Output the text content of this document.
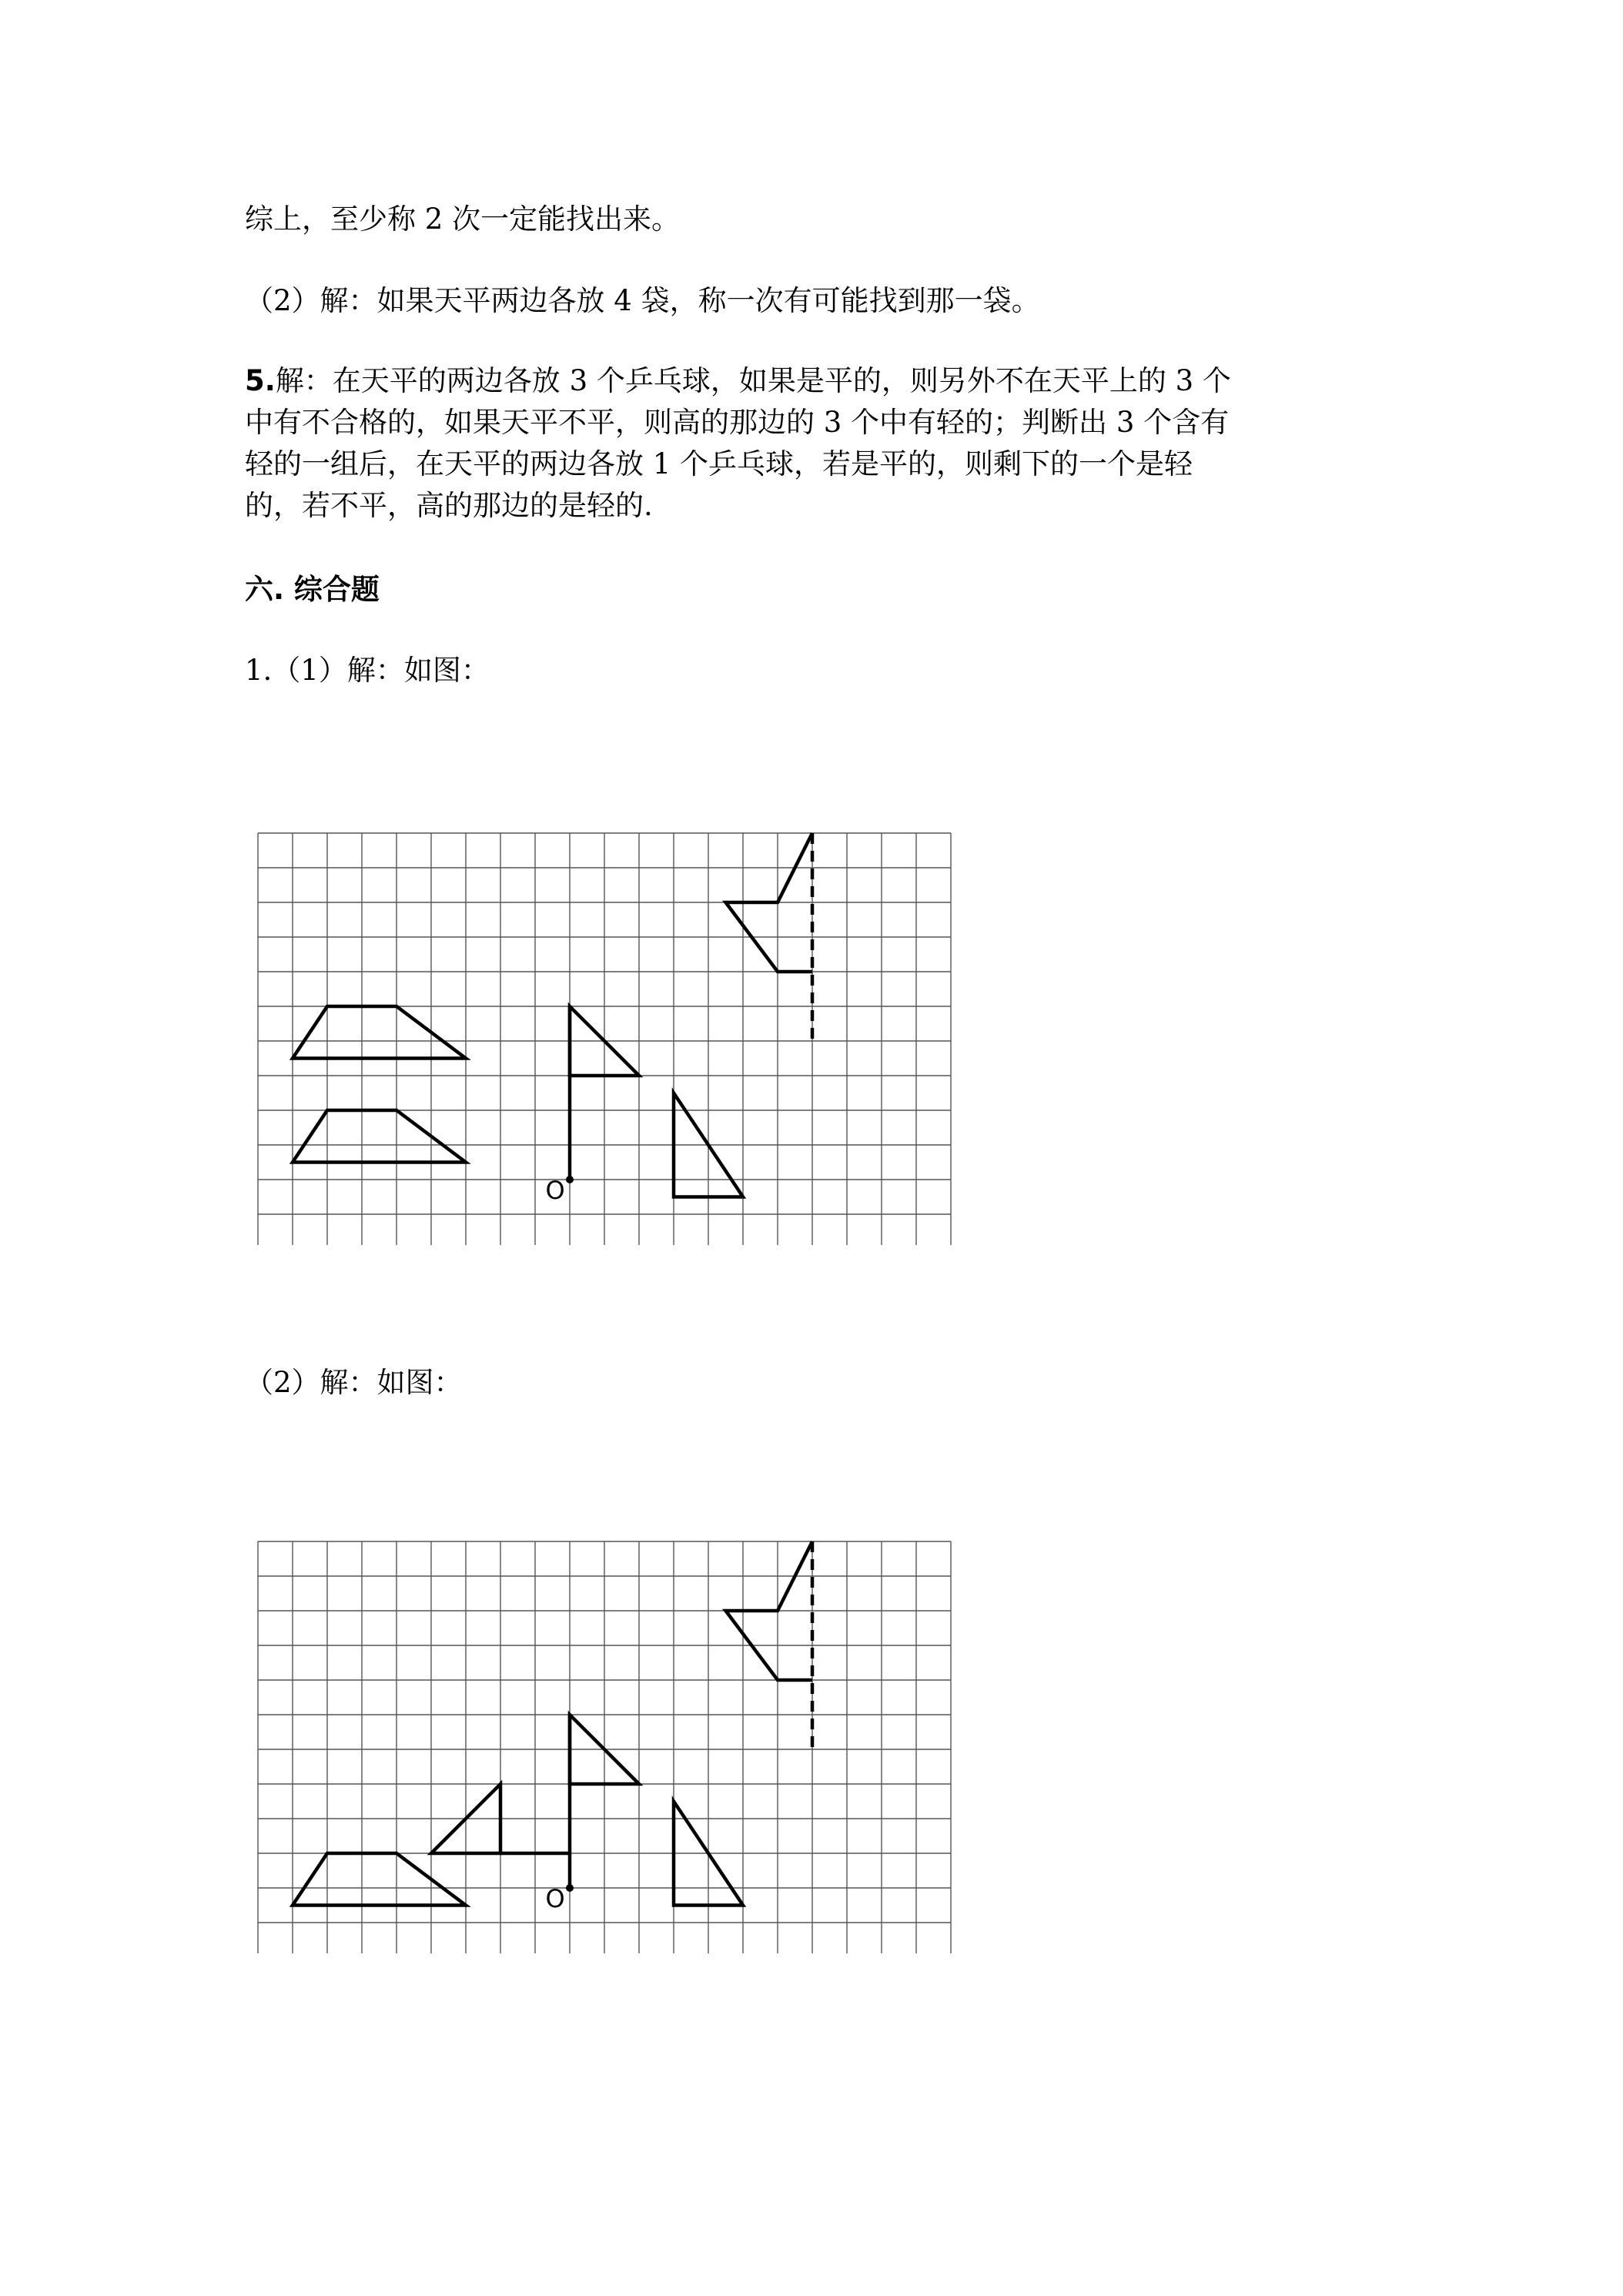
综上，至少称 2 次一定能找出来。
（2）解：如果天平两边各放 4 袋，称一次有可能找到那一袋。
5.解：在天平的两边各放 3 个乒乓球，如果是平的，则另外不在天平上的 3 个
中有不合格的，如果天平不平，则高的那边的 3 个中有轻的；判断出 3 个含有
轻的一组后，在天平的两边各放 1 个乒乓球，若是平的，则剩下的一个是轻
的，若不平，高的那边的是轻的.
六. 综合题
1.（1）解：如图：
O
（2）解：如图：
O
